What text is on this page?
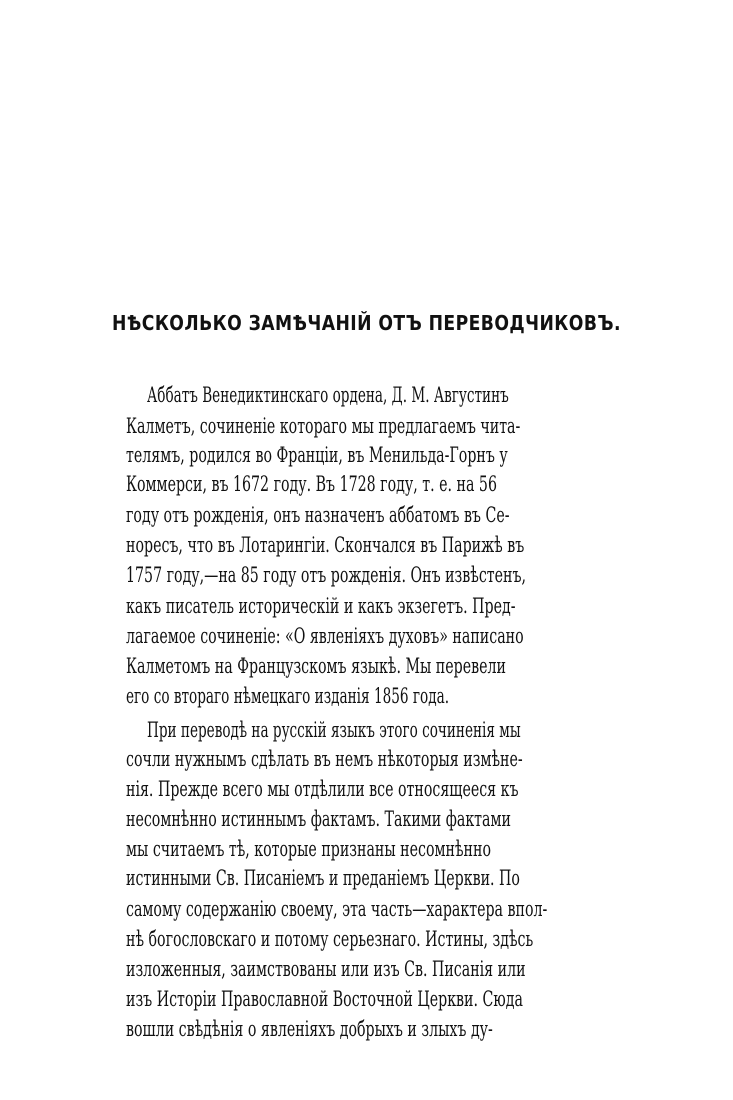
НѢСКОЛЬКО ЗАМѢЧАНІЙ ОТЪ ПЕРЕВОДЧИКОВЪ.
Аббатъ Венедиктинскаго ордена, Д. М. Августинъ
Калметъ, сочиненіе котораго мы предлагаемъ чита-
телямъ, родился во Франціи, въ Менильда-Горнъ у
Коммерси, въ 1672 году. Въ 1728 году, т. е. на 56
году отъ рожденія, онъ назначенъ аббатомъ въ Се-
норесъ, что въ Лотарингіи. Скончался въ Парижѣ въ
1757 году,—на 85 году отъ рожденія. Онъ извѣстенъ,
какъ писатель историческій и какъ экзегетъ. Пред-
лагаемое сочиненіе: «О явленіяхъ духовъ» написано
Калметомъ на Французскомъ языкѣ. Мы перевели
его со втораго нѣмецкаго изданія 1856 года.
При переводѣ на русскій языкъ этого сочиненія мы
сочли нужнымъ сдѣлать въ немъ нѣкоторыя измѣне-
нія. Прежде всего мы отдѣлили все относящееся къ
несомнѣнно истиннымъ фактамъ. Такими фактами
мы считаемъ тѣ, которые признаны несомнѣнно
истинными Св. Писаніемъ и преданіемъ Церкви. По
самому содержанію своему, эта часть—характера впол-
нѣ богословскаго и потому серьезнаго. Истины, здѣсь
изложенныя, заимствованы или изъ Св. Писанія или
изъ Исторіи Православной Восточной Церкви. Сюда
вошли свѣдѣнія о явленіяхъ добрыхъ и злыхъ ду-
